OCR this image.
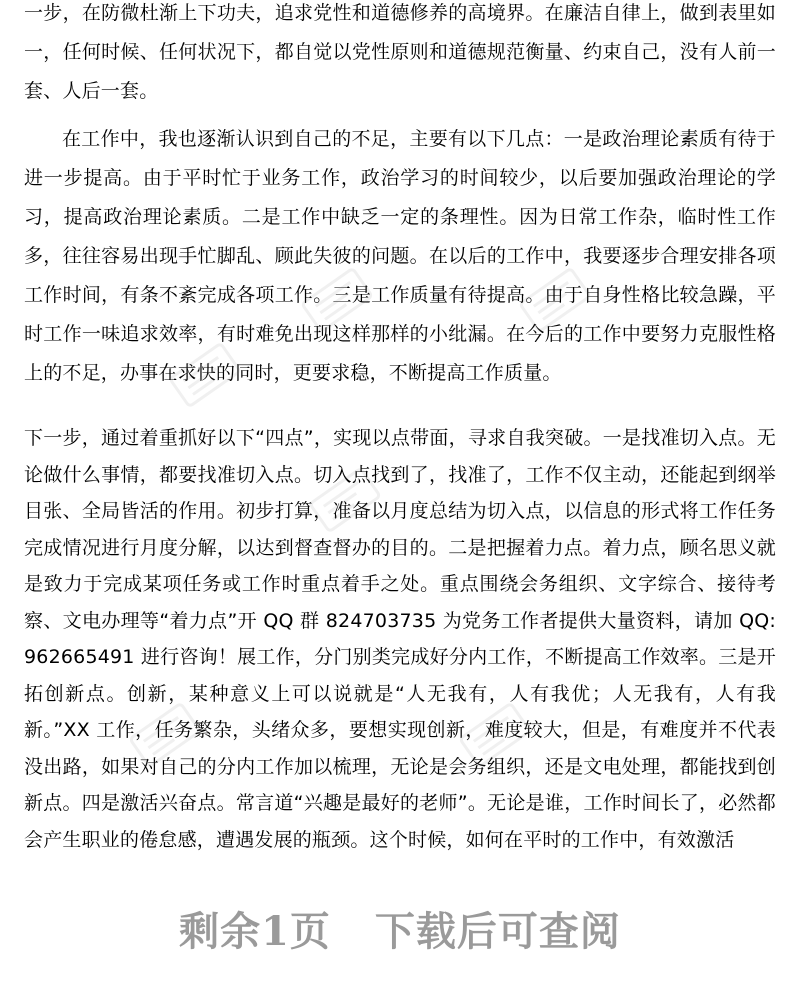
一步，在防微杜渐上下功夫，追求党性和道德修养的高境界。在廉洁自律上，做到表里如一，任何时候、任何状况下，都自觉以党性原则和道德规范衡量、约束自己，没有人前一套、人后一套。

在工作中，我也逐渐认识到自己的不足，主要有以下几点：一是政治理论素质有待于进一步提高。由于平时忙于业务工作，政治学习的时间较少，以后要加强政治理论的学习，提高政治理论素质。二是工作中缺乏一定的条理性。因为日常工作杂，临时性工作多，往往容易出现手忙脚乱、顾此失彼的问题。在以后的工作中，我要逐步合理安排各项工作时间，有条不紊完成各项工作。三是工作质量有待提高。由于自身性格比较急躁，平时工作一味追求效率，有时难免出现这样那样的小纰漏。在今后的工作中要努力克服性格上的不足，办事在求快的同时，更要求稳，不断提高工作质量。

下一步，通过着重抓好以下“四点”，实现以点带面，寻求自我突破。一是找准切入点。无论做什么事情，都要找准切入点。切入点找到了，找准了，工作不仅主动，还能起到纲举目张、全局皆活的作用。初步打算，准备以月度总结为切入点，以信息的形式将工作任务完成情况进行月度分解，以达到督查督办的目的。二是把握着力点。着力点，顾名思义就是致力于完成某项任务或工作时重点着手之处。重点围绕会务组织、文字综合、接待考察、文电办理等“着力点”开 QQ 群 824703735 为党务工作者提供大量资料，请加 QQ:962665491 进行咨询！展工作，分门别类完成好分内工作，不断提高工作效率。三是开拓创新点。创新，某种意义上可以说就是“人无我有，人有我优；人无我有，人有我新。”XX 工作，任务繁杂，头绪众多，要想实现创新，难度较大，但是，有难度并不代表没出路，如果对自己的分内工作加以梳理，无论是会务组织，还是文电处理，都能找到创新点。四是激活兴奋点。常言道“兴趣是最好的老师”。无论是谁，工作时间长了，必然都会产生职业的倦怠感，遭遇发展的瓶颈。这个时候，如何在平时的工作中，有效激活

剩余1页 下载后可查阅
